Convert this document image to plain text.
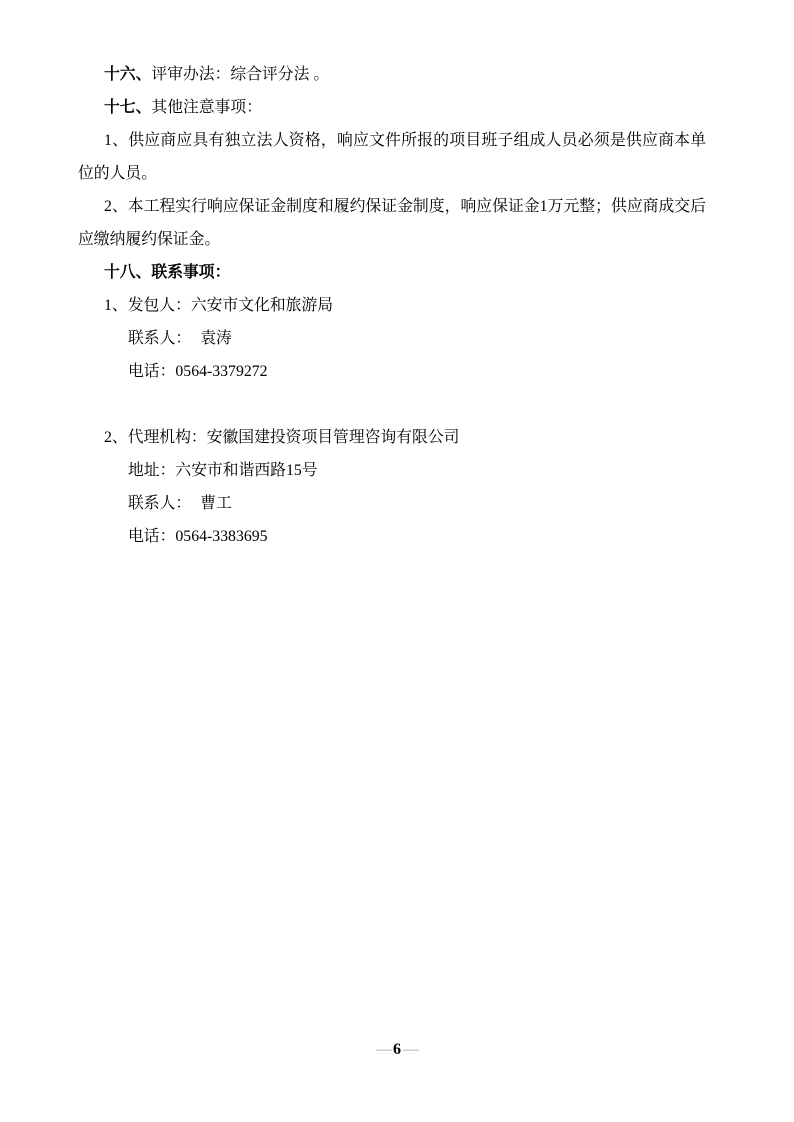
十六、评审办法：综合评分法 。

十七、其他注意事项：

1、供应商应具有独立法人资格，响应文件所报的项目班子组成人员必须是供应商本单位的人员。

2、本工程实行响应保证金制度和履约保证金制度，响应保证金1万元整；供应商成交后应缴纳履约保证金。

十八、联系事项：

1、发包人：六安市文化和旅游局

联系人： 袁涛

电话：0564-3379272

2、代理机构：安徽国建投资项目管理咨询有限公司

地址：六安市和谐西路15号

联系人： 曹工

电话：0564-3383695

— 6 —
